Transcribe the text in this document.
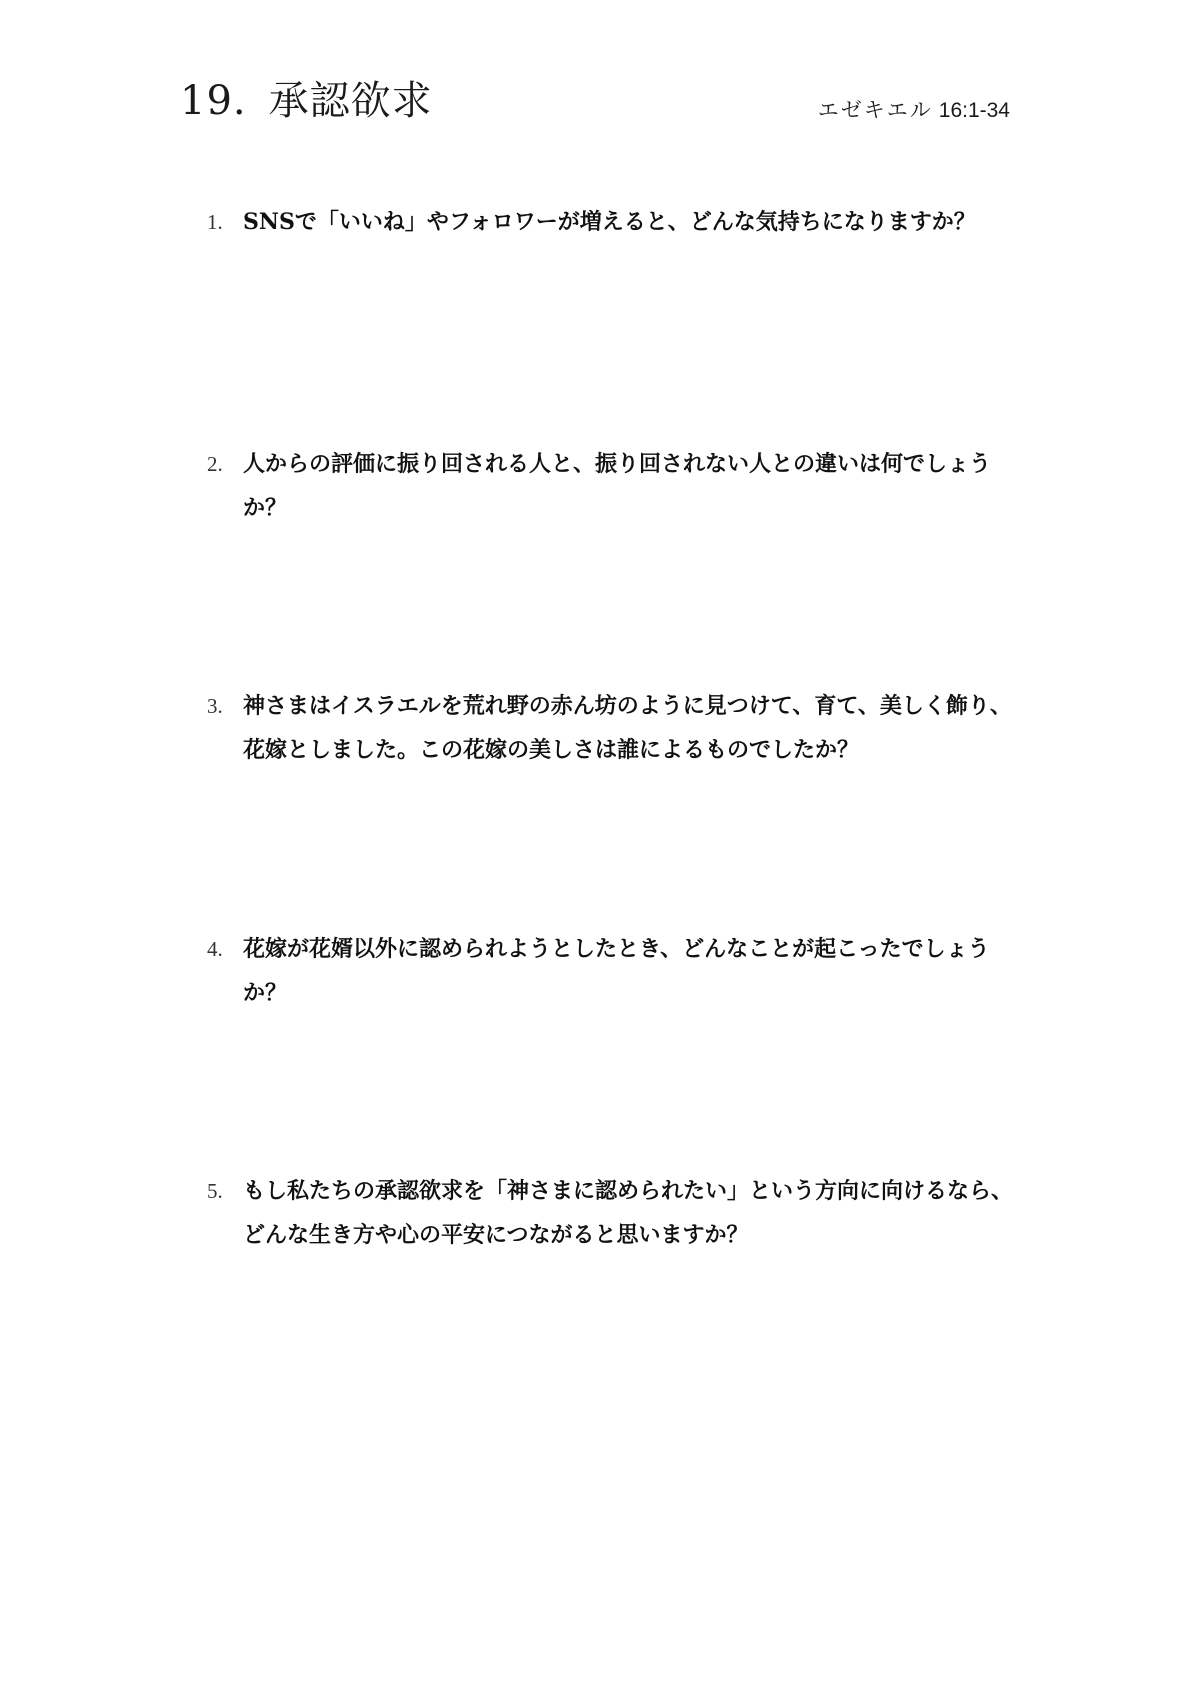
19. 承認欲求	エゼキエル 16:1-34
1. SNSで「いいね」やフォロワーが増えると、どんな気持ちになりますか？
2. 人からの評価に振り回される人と、振り回されない人との違いは何でしょうか？
3. 神さまはイスラエルを荒れ野の赤ん坊のように見つけて、育て、美しく飾り、花嫁としました。この花嫁の美しさは誰によるものでしたか？
4. 花嫁が花婿以外に認められようとしたとき、どんなことが起こったでしょうか？
5. もし私たちの承認欲求を「神さまに認められたい」という方向に向けるなら、どんな生き方や心の平安につながると思いますか？
